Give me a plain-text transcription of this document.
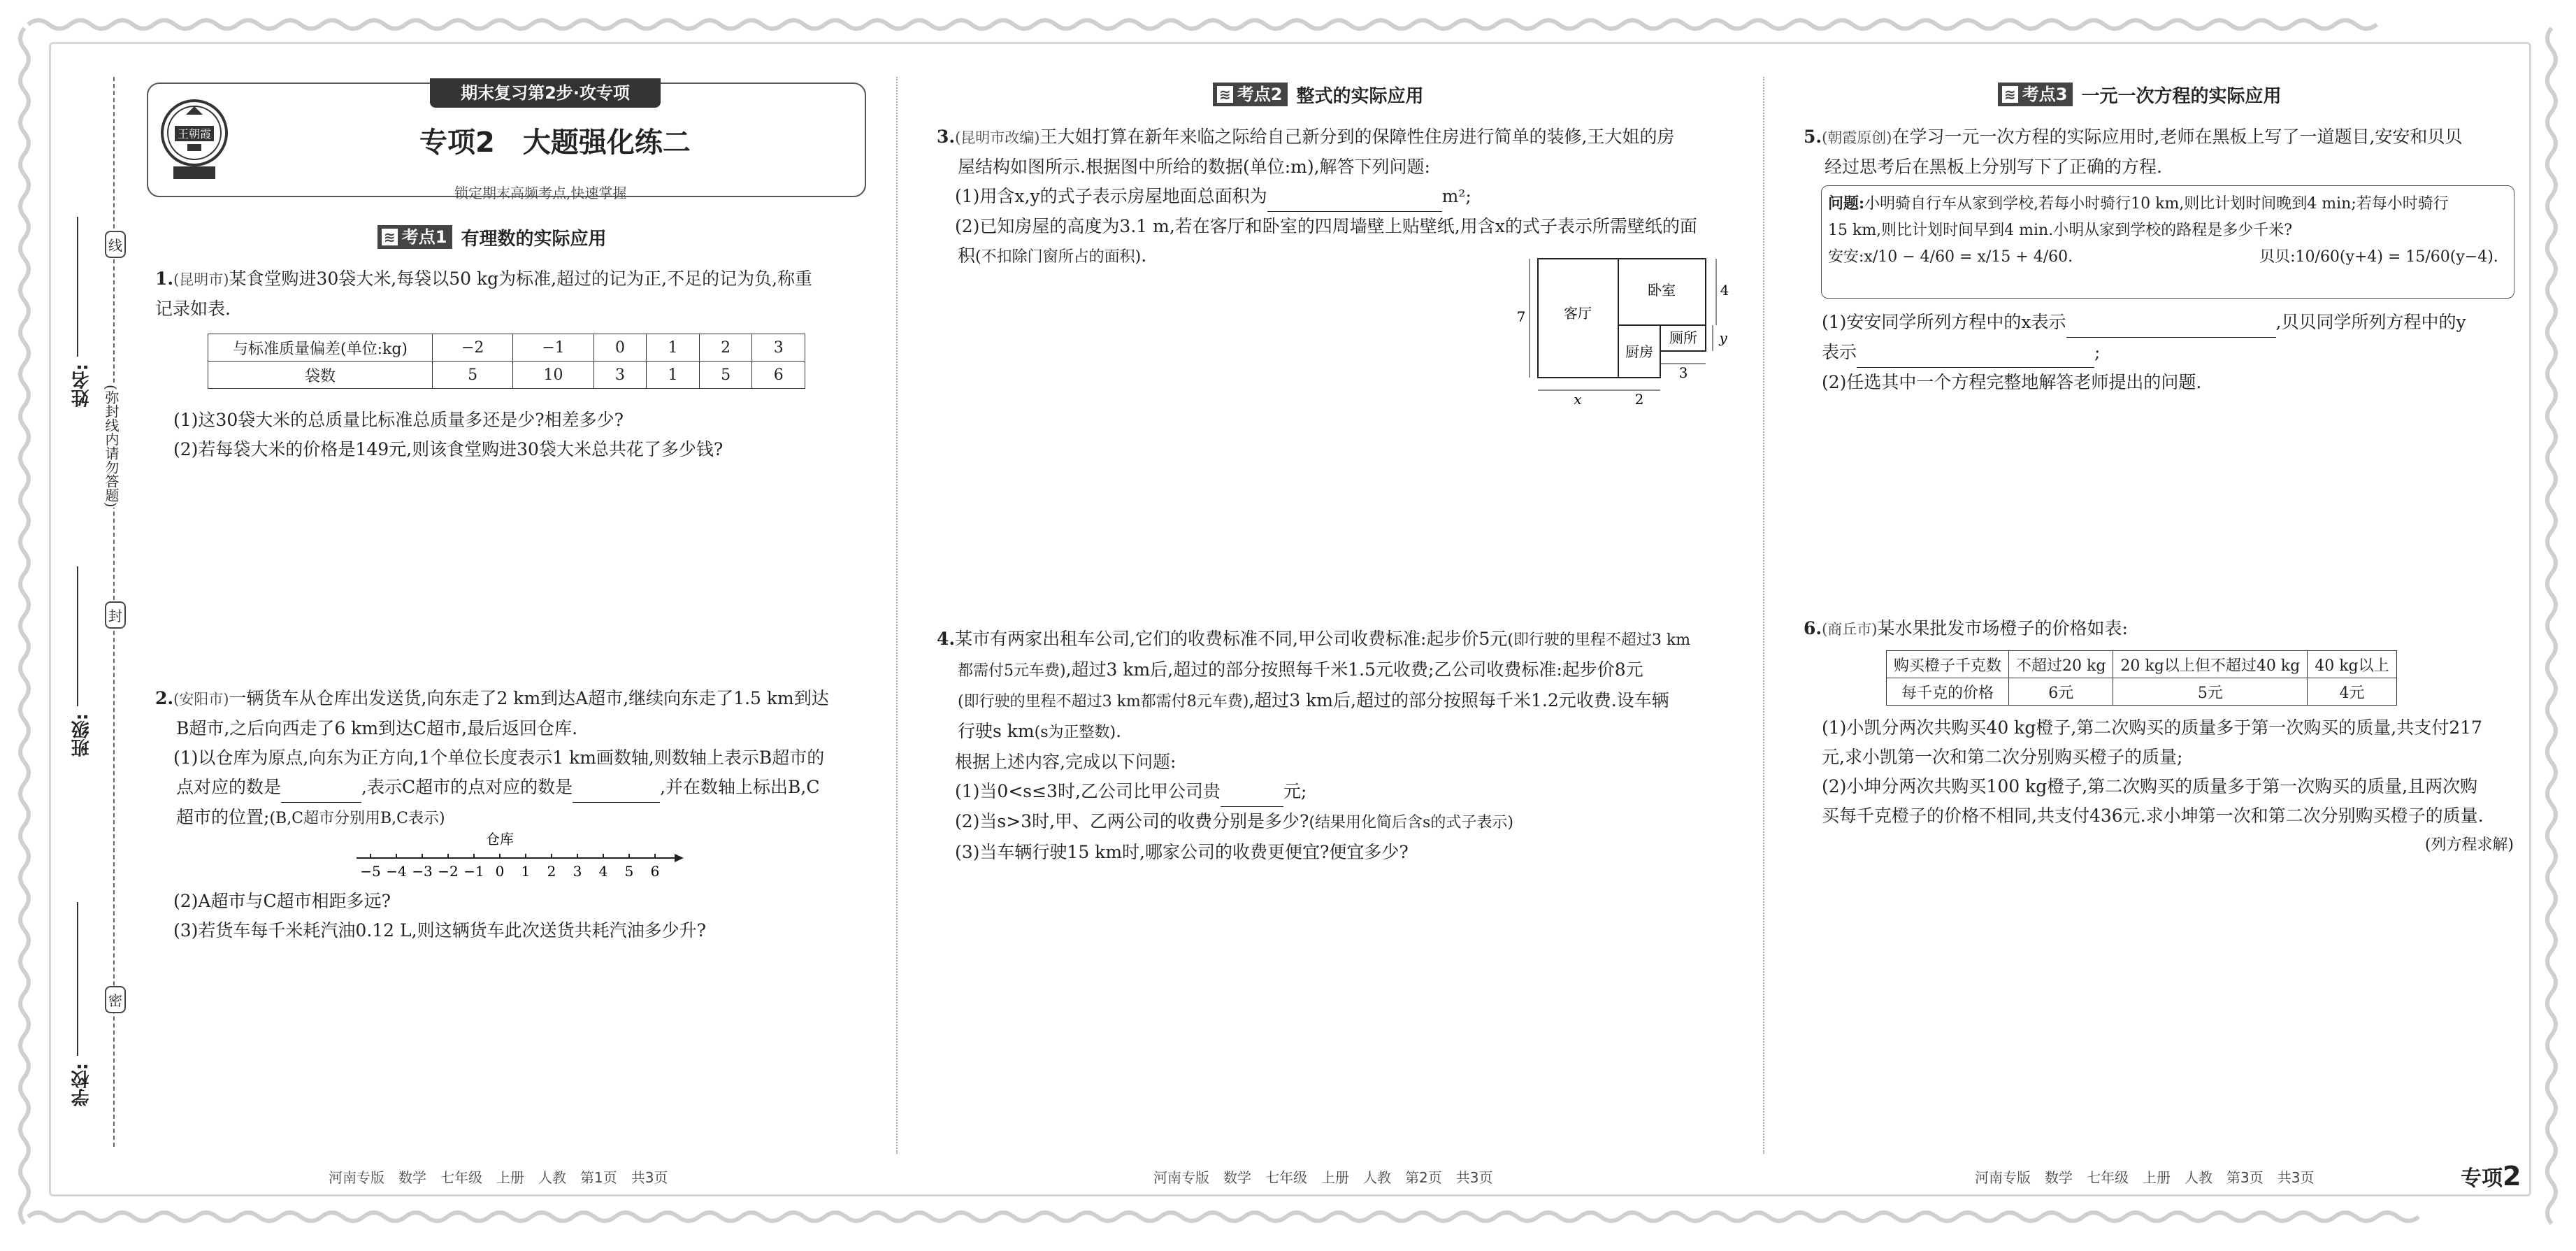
姓名:
班级:
学校:
线
(弥封线内请勿答题)
封
密
期末复习第2步·攻专项
王朝霞	专项2　大题强化练二
锁定期末高频考点,快速掌握
≋ 考点1 有理数的实际应用
1.(昆明市)某食堂购进30袋大米,每袋以50 kg为标准,超过的记为正,不足的记为负,称重
记录如表.
与标准质量偏差(单位:kg)	−2	−1	0	1	2	3
袋数	5	10	3	1	5	6
(1)这30袋大米的总质量比标准总质量多还是少?相差多少?
(2)若每袋大米的价格是149元,则该食堂购进30袋大米总共花了多少钱?
2.(安阳市)一辆货车从仓库出发送货,向东走了2 km到达A超市,继续向东走了1.5 km到达
B超市,之后向西走了6 km到达C超市,最后返回仓库.
(1)以仓库为原点,向东为正方向,1个单位长度表示1 km画数轴,则数轴上表示B超市的
点对应的数是	,表示C超市的点对应的数是	,并在数轴上标出B,C
超市的位置;(B,C超市分别用B,C表示)
仓库
−5 −4 −3 −2 −1 0 1 2 3 4 5 6
(2)A超市与C超市相距多远?
(3)若货车每千米耗汽油0.12 L,则这辆货车此次送货共耗汽油多少升?
≋ 考点2 整式的实际应用
3.(昆明市改编)王大姐打算在新年来临之际给自己新分到的保障性住房进行简单的装修,王大姐的房
屋结构如图所示.根据图中所给的数据(单位:m),解答下列问题:
(1)用含x,y的式子表示房屋地面总面积为	m²;
(2)已知房屋的高度为3.1 m,若在客厅和卧室的四周墙壁上贴壁纸,用含x的式子表示所需壁纸的面
积(不扣除门窗所占的面积).
客厅
卧室
厨房
厕所
7
4
y
3
x	2
4.某市有两家出租车公司,它们的收费标准不同,甲公司收费标准:起步价5元(即行驶的里程不超过3 km
都需付5元车费),超过3 km后,超过的部分按照每千米1.5元收费;乙公司收费标准:起步价8元
(即行驶的里程不超过3 km都需付8元车费),超过3 km后,超过的部分按照每千米1.2元收费.设车辆
行驶s km(s为正整数).
根据上述内容,完成以下问题:
(1)当0<s≤3时,乙公司比甲公司贵	元;
(2)当s>3时,甲、乙两公司的收费分别是多少?(结果用化简后含s的式子表示)
(3)当车辆行驶15 km时,哪家公司的收费更便宜?便宜多少?
≋ 考点3 一元一次方程的实际应用
5.(朝霞原创)在学习一元一次方程的实际应用时,老师在黑板上写了一道题目,安安和贝贝
经过思考后在黑板上分别写下了正确的方程.
问题:小明骑自行车从家到学校,若每小时骑行10 km,则比计划时间晚到4 min;若每小时骑行
15 km,则比计划时间早到4 min.小明从家到学校的路程是多少千米?
安安:x/10 − 4/60 = x/15 + 4/60.	贝贝:10/60(y+4) = 15/60(y−4).
(1)安安同学所列方程中的x表示	,贝贝同学所列方程中的y
表示	;
(2)任选其中一个方程完整地解答老师提出的问题.
6.(商丘市)某水果批发市场橙子的价格如表:
购买橙子千克数	不超过20 kg	20 kg以上但不超过40 kg	40 kg以上
每千克的价格	6元	5元	4元
(1)小凯分两次共购买40 kg橙子,第二次购买的质量多于第一次购买的质量,共支付217
元,求小凯第一次和第二次分别购买橙子的质量;
(2)小坤分两次共购买100 kg橙子,第二次购买的质量多于第一次购买的质量,且两次购
买每千克橙子的价格不相同,共支付436元.求小坤第一次和第二次分别购买橙子的质量.

(列方程求解)
河南专版　数学　七年级　上册　人教　第1页　共3页	河南专版　数学　七年级　上册　人教　第2页　共3页	河南专版　数学　七年级　上册　人教　第3页　共3页	专项2
